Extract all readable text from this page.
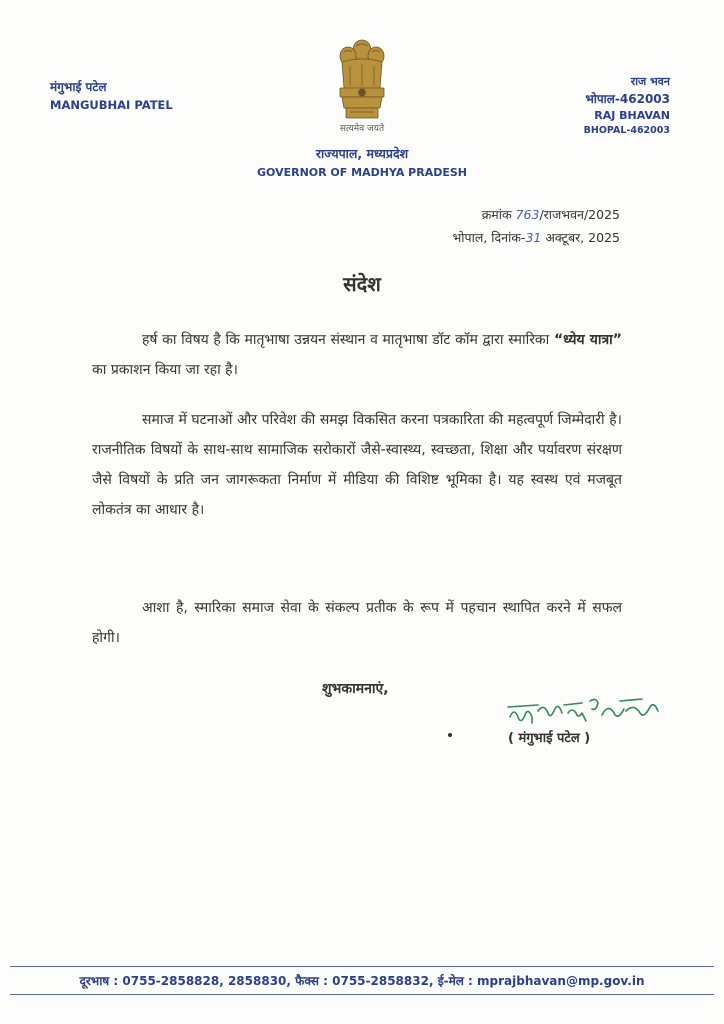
मंगुभाई पटेल
MANGUBHAI PATEL
राज भवन
भोपाल-462003
RAJ BHAVAN
BHOPAL-462003
सत्यमेव जयते
राज्यपाल, मध्यप्रदेश
GOVERNOR OF MADHYA PRADESH
क्रमांक 763/राजभवन/2025
भोपाल, दिनांक-31 अक्टूबर, 2025
संदेश
हर्ष का विषय है कि मातृभाषा उन्नयन संस्थान व मातृभाषा डॉट कॉम द्वारा स्मारिका “ध्येय यात्रा” का प्रकाशन किया जा रहा है।
समाज में घटनाओं और परिवेश की समझ विकसित करना पत्रकारिता की महत्वपूर्ण जिम्मेदारी है। राजनीतिक विषयों के साथ-साथ सामाजिक सरोकारों जैसे-स्वास्थ्य, स्वच्छता, शिक्षा और पर्यावरण संरक्षण जैसे विषयों के प्रति जन जागरूकता निर्माण में मीडिया की विशिष्ट भूमिका है। यह स्वस्थ एवं मजबूत लोकतंत्र का आधार है।
आशा है, स्मारिका समाज सेवा के संकल्प प्रतीक के रूप में पहचान स्थापित करने में सफल होगी।
शुभकामनाएं,
( मंगुभाई पटेल )
दूरभाष : 0755-2858828, 2858830, फैक्स : 0755-2858832, ई-मेल : mprajbhavan@mp.gov.in
